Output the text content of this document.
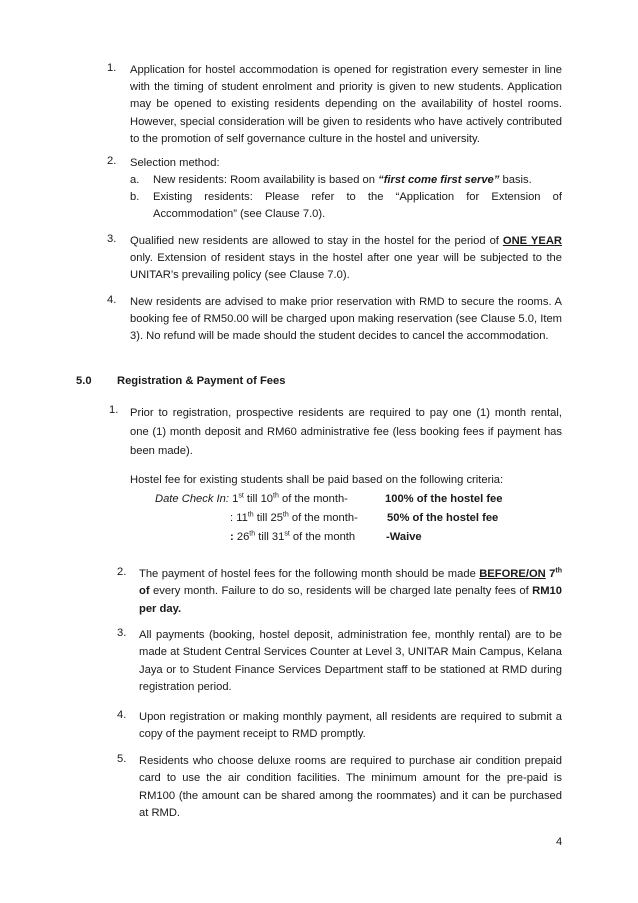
1. Application for hostel accommodation is opened for registration every semester in line with the timing of student enrolment and priority is given to new students. Application may be opened to existing residents depending on the availability of hostel rooms. However, special consideration will be given to residents who have actively contributed to the promotion of self governance culture in the hostel and university.
2. Selection method:
a. New residents: Room availability is based on “first come first serve” basis.
b. Existing residents: Please refer to the “Application for Extension of Accommodation” (see Clause 7.0).
3. Qualified new residents are allowed to stay in the hostel for the period of ONE YEAR only. Extension of resident stays in the hostel after one year will be subjected to the UNITAR’s prevailing policy (see Clause 7.0).
4. New residents are advised to make prior reservation with RMD to secure the rooms. A booking fee of RM50.00 will be charged upon making reservation (see Clause 5.0, Item 3). No refund will be made should the student decides to cancel the accommodation.
5.0 Registration & Payment of Fees
1. Prior to registration, prospective residents are required to pay one (1) month rental, one (1) month deposit and RM60 administrative fee (less booking fees if payment has been made).
Hostel fee for existing students shall be paid based on the following criteria:
Date Check In: 1st till 10th of the month-	100% of the hostel fee
: 11th till 25th of the month-	50% of the hostel fee
: 26th till 31st of the month	-Waive
2. The payment of hostel fees for the following month should be made BEFORE/ON 7th of every month. Failure to do so, residents will be charged late penalty fees of RM10 per day.
3. All payments (booking, hostel deposit, administration fee, monthly rental) are to be made at Student Central Services Counter at Level 3, UNITAR Main Campus, Kelana Jaya or to Student Finance Services Department staff to be stationed at RMD during registration period.
4. Upon registration or making monthly payment, all residents are required to submit a copy of the payment receipt to RMD promptly.
5. Residents who choose deluxe rooms are required to purchase air condition prepaid card to use the air condition facilities. The minimum amount for the pre-paid is RM100 (the amount can be shared among the roommates) and it can be purchased at RMD.
4
